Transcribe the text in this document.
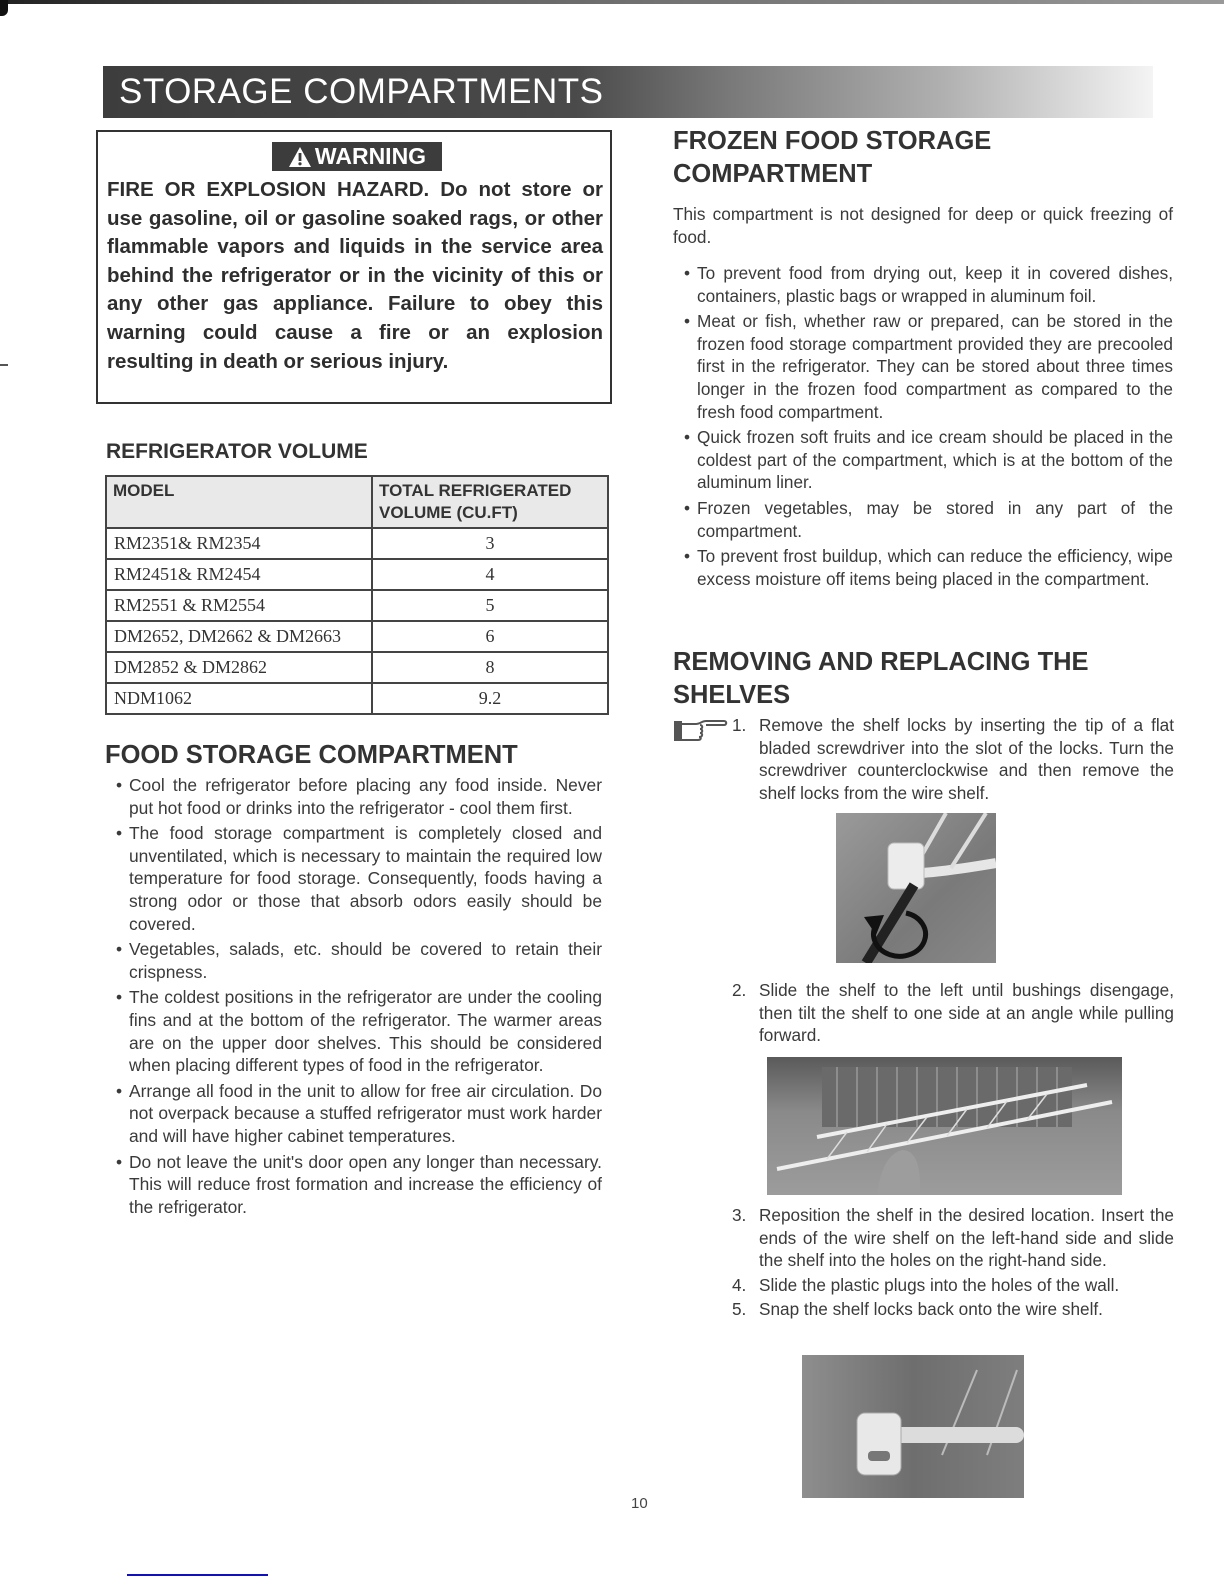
STORAGE COMPARTMENTS
WARNING
FIRE OR EXPLOSION HAZARD. Do not store or use gasoline, oil or gasoline soaked rags, or other flammable vapors and liquids in the service area behind the refrigerator or in the vicinity of this or any other gas appliance. Failure to obey this warning could cause a fire or an explosion resulting in death or serious injury.
REFRIGERATOR VOLUME
MODEL	TOTAL REFRIGERATED VOLUME (CU.FT)
RM2351& RM2354	3
RM2451& RM2454	4
RM2551 & RM2554	5
DM2652, DM2662 & DM2663	6
DM2852 & DM2862	8
NDM1062	9.2
FOOD STORAGE COMPARTMENT
• Cool the refrigerator before placing any food inside. Never put hot food or drinks into the refrigerator - cool them first.
• The food storage compartment is completely closed and unventilated, which is necessary to maintain the required low temperature for food storage. Consequently, foods having a strong odor or those that absorb odors easily should be covered.
• Vegetables, salads, etc. should be covered to retain their crispness.
• The coldest positions in the refrigerator are under the cooling fins and at the bottom of the refrigerator. The warmer areas are on the upper door shelves. This should be considered when placing different types of food in the refrigerator.
• Arrange all food in the unit to allow for free air circulation. Do not overpack because a stuffed refrigerator must work harder and will have higher cabinet temperatures.
• Do not leave the unit's door open any longer than necessary. This will reduce frost formation and increase the efficiency of the refrigerator.
FROZEN FOOD STORAGE COMPARTMENT
This compartment is not designed for deep or quick freezing of food.
• To prevent food from drying out, keep it in covered dishes, containers, plastic bags or wrapped in aluminum foil.
• Meat or fish, whether raw or prepared, can be stored in the frozen food storage compartment provided they are precooled first in the refrigerator. They can be stored about three times longer in the frozen food compartment as compared to the fresh food compartment.
• Quick frozen soft fruits and ice cream should be placed in the coldest part of the compartment, which is at the bottom of the aluminum liner.
• Frozen vegetables, may be stored in any part of the compartment.
• To prevent frost buildup, which can reduce the efficiency, wipe excess moisture off items being placed in the compartment.
REMOVING AND REPLACING THE SHELVES
1. Remove the shelf locks by inserting the tip of a flat bladed screwdriver into the slot of the locks. Turn the screwdriver counterclockwise and then remove the shelf locks from the wire shelf.
2. Slide the shelf to the left until bushings disengage, then tilt the shelf to one side at an angle while pulling forward.
3. Reposition the shelf in the desired location. Insert the ends of the wire shelf on the left-hand side and slide the shelf into the holes on the right-hand side.
4. Slide the plastic plugs into the holes of the wall.
5. Snap the shelf locks back onto the wire shelf.
10
